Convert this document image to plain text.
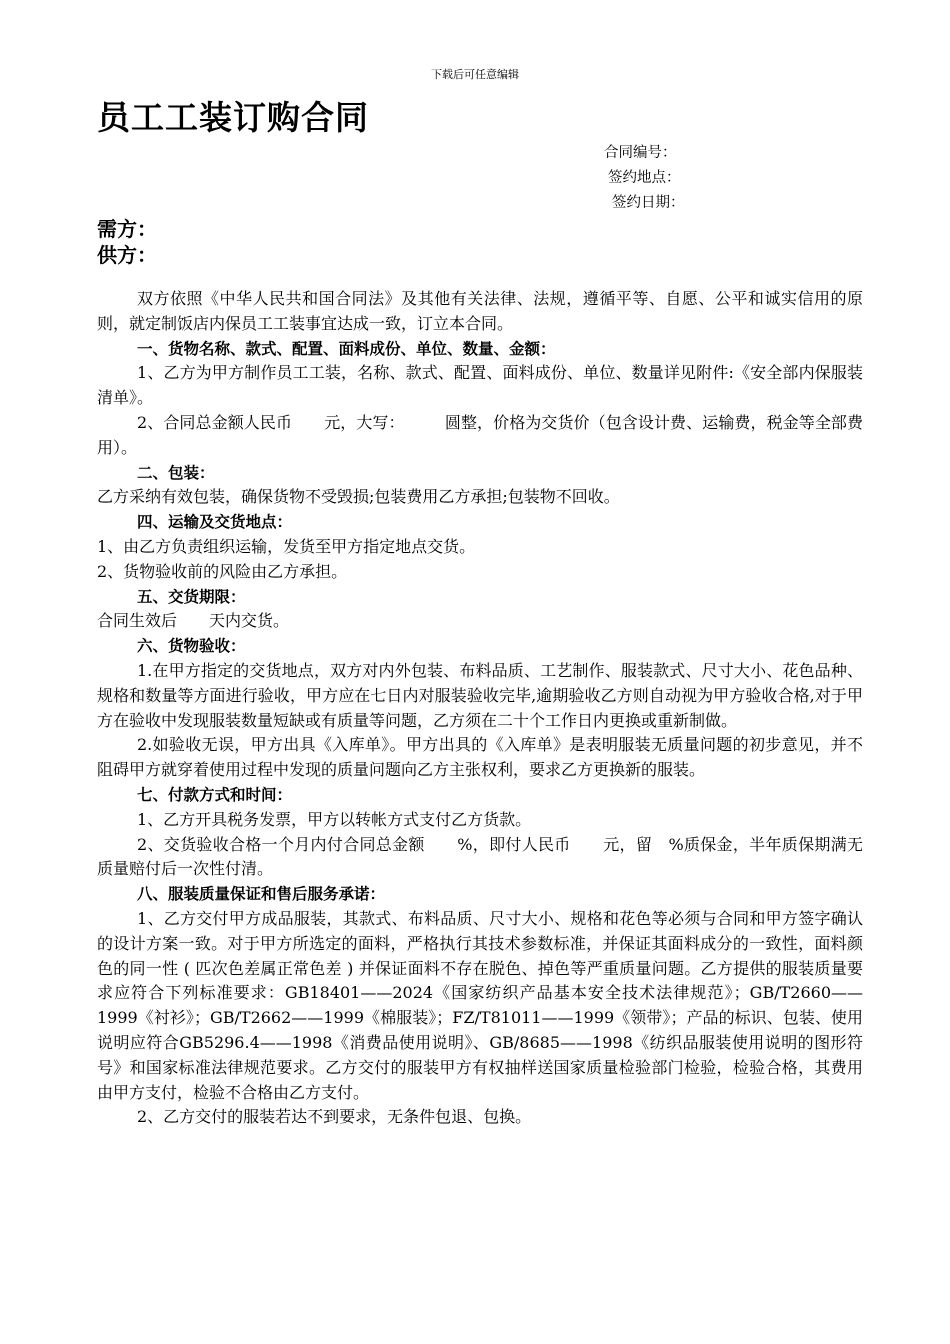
下载后可任意编辑
员工工装订购合同
合同编号：
签约地点：
签约日期：
需方：
供方：

双方依照《中华人民共和国合同法》及其他有关法律、法规，遵循平等、自愿、公平和诚实信用的原则，就定制饭店内保员工工装事宜达成一致，订立本合同。

一、货物名称、款式、配置、面料成份、单位、数量、金额：

1、乙方为甲方制作员工工装，名称、款式、配置、面料成份、单位、数量详见附件:《安全部内保服装清单》。

2、合同总金额人民币　　元，大写：　　　圆整，价格为交货价（包含设计费、运输费，税金等全部费用）。

二、包装：

乙方采纳有效包装，确保货物不受毁损;包装费用乙方承担;包装物不回收。

四、运输及交货地点：

1、由乙方负责组织运输，发货至甲方指定地点交货。

2、货物验收前的风险由乙方承担。

五、交货期限：

合同生效后　　天内交货。

六、货物验收：

1.在甲方指定的交货地点，双方对内外包装、布料品质、工艺制作、服装款式、尺寸大小、花色品种、规格和数量等方面进行验收，甲方应在七日内对服装验收完毕,逾期验收乙方则自动视为甲方验收合格,对于甲方在验收中发现服装数量短缺或有质量等问题，乙方须在二十个工作日内更换或重新制做。

2.如验收无误，甲方出具《入库单》。甲方出具的《入库单》是表明服装无质量问题的初步意见，并不阻碍甲方就穿着使用过程中发现的质量问题向乙方主张权利，要求乙方更换新的服装。

七、付款方式和时间：

1、乙方开具税务发票，甲方以转帐方式支付乙方货款。

2、交货验收合格一个月内付合同总金额　　%，即付人民币　　元，留　%质保金，半年质保期满无质量赔付后一次性付清。

八、服装质量保证和售后服务承诺：

1、乙方交付甲方成品服装，其款式、布料品质、尺寸大小、规格和花色等必须与合同和甲方签字确认的设计方案一致。对于甲方所选定的面料，严格执行其技术参数标准，并保证其面料成分的一致性，面料颜色的同一性 ( 匹次色差属正常色差 ) 并保证面料不存在脱色、掉色等严重质量问题。乙方提供的服装质量要求应符合下列标准要求：GB18401——2024《国家纺织产品基本安全技术法律规范》；GB/T2660——1999《衬衫》；GB/T2662——1999《棉服装》；FZ/T81011——1999《领带》；产品的标识、包装、使用说明应符合GB5296.4——1998《消费品使用说明》、GB/8685——1998《纺织品服装使用说明的图形符号》和国家标准法律规范要求。乙方交付的服装甲方有权抽样送国家质量检验部门检验，检验合格，其费用由甲方支付，检验不合格由乙方支付。

2、乙方交付的服装若达不到要求，无条件包退、包换。
